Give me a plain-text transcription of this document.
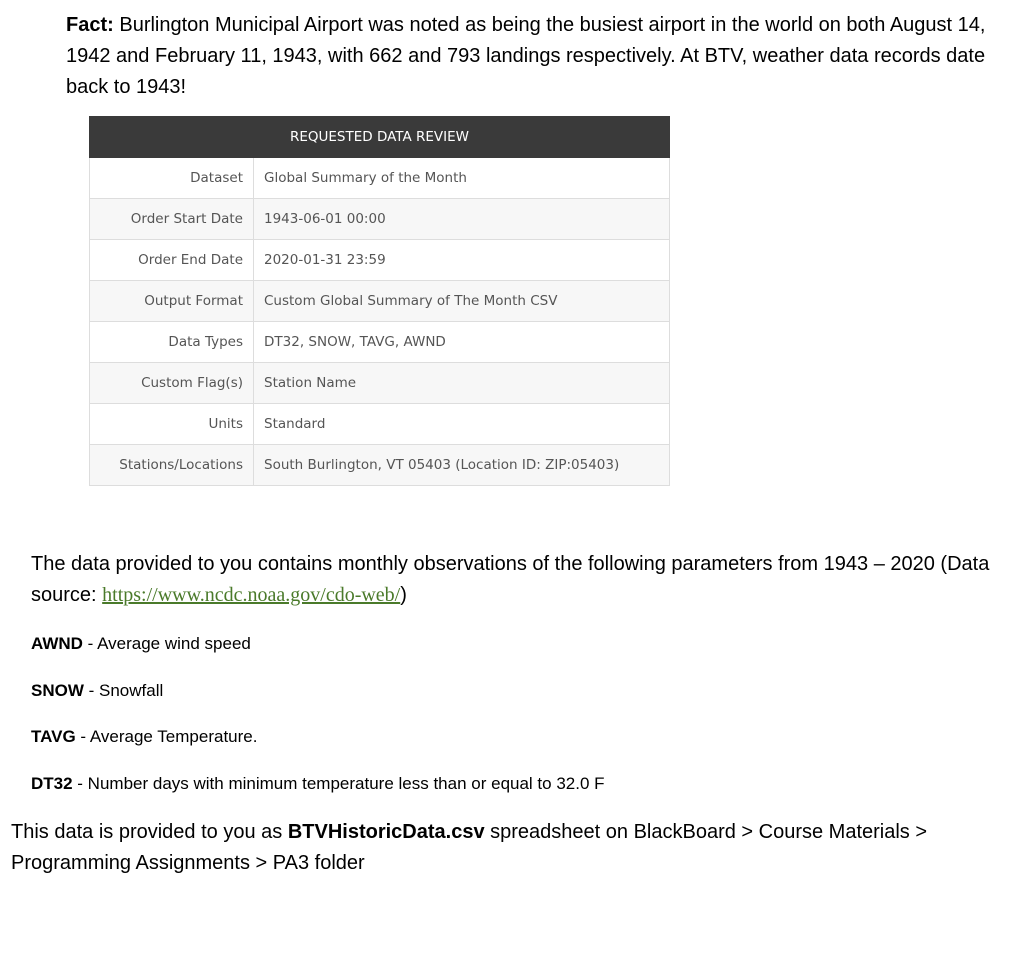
Fact: Burlington Municipal Airport was noted as being the busiest airport in the world on both August 14, 1942 and February 11, 1943, with 662 and 793 landings respectively. At BTV, weather data records date back to 1943!

REQUESTED DATA REVIEW	
Dataset	Global Summary of the Month
Order Start Date	1943-06-01 00:00
Order End Date	2020-01-31 23:59
Output Format	Custom Global Summary of The Month CSV
Data Types	DT32, SNOW, TAVG, AWND
Custom Flag(s)	Station Name
Units	Standard
Stations/Locations	South Burlington, VT 05403 (Location ID: ZIP:05403)

The data provided to you contains monthly observations of the following parameters from 1943 – 2020 (Data source: https://www.ncdc.noaa.gov/cdo-web/)

AWND - Average wind speed

SNOW - Snowfall

TAVG - Average Temperature.

DT32 - Number days with minimum temperature less than or equal to 32.0 F

This data is provided to you as BTVHistoricData.csv spreadsheet on BlackBoard > Course Materials > Programming Assignments > PA3 folder
